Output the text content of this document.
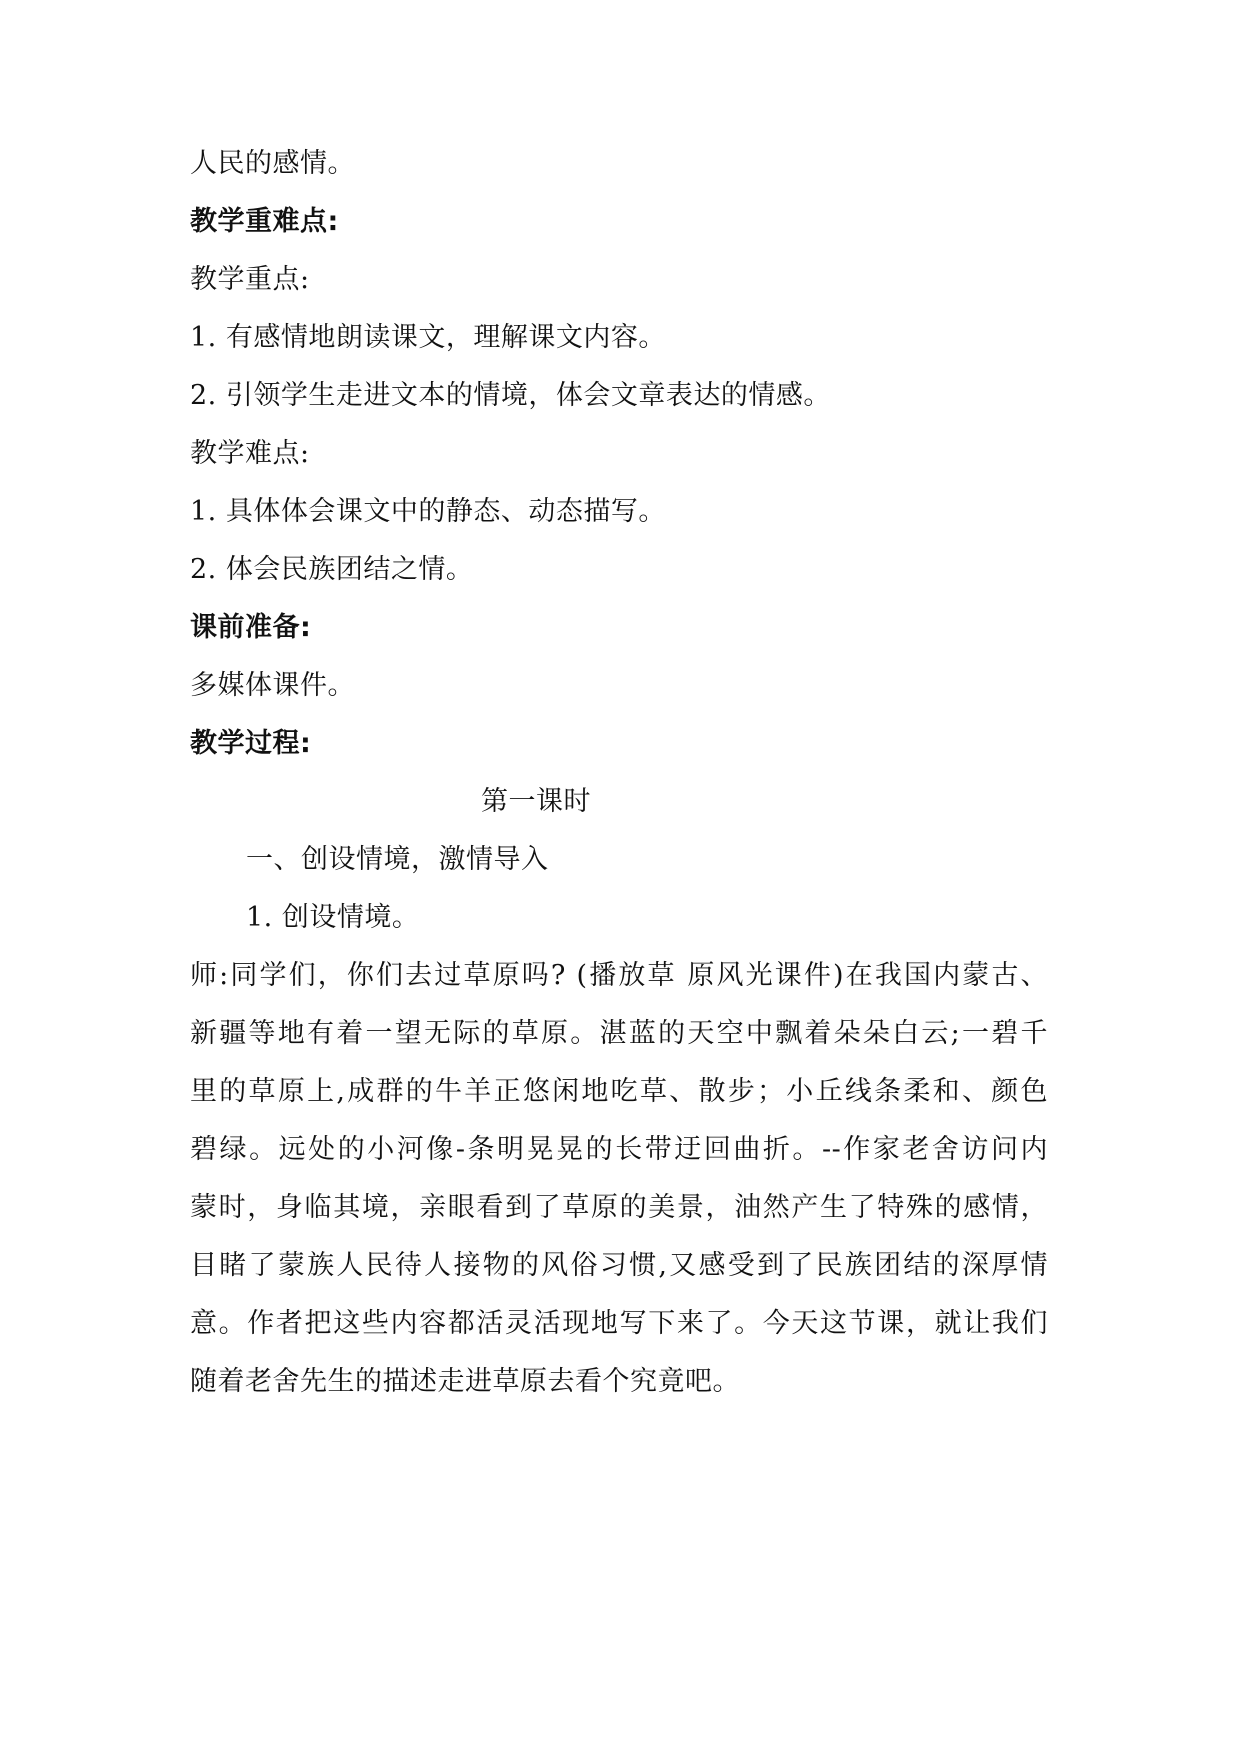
人民的感情。
教学重难点:
教学重点:
1. 有感情地朗读课文，理解课文内容。
2. 引领学生走进文本的情境，体会文章表达的情感。
教学难点:
1. 具体体会课文中的静态、动态描写。
2. 体会民族团结之情。
课前准备:
多媒体课件。
教学过程:
第一课时
一、创设情境，激情导入
1. 创设情境。
师:同学们，你们去过草原吗? (播放草 原风光课件)在我国内蒙古、
新疆等地有着一望无际的草原。湛蓝的天空中飘着朵朵白云;一碧千
里的草原上,成群的牛羊正悠闲地吃草、散步；小丘线条柔和、颜色
碧绿。远处的小河像-条明晃晃的长带迂回曲折。--作家老舍访问内
蒙时，身临其境，亲眼看到了草原的美景，油然产生了特殊的感情，
目睹了蒙族人民待人接物的风俗习惯,又感受到了民族团结的深厚情
意。作者把这些内容都活灵活现地写下来了。今天这节课，就让我们
随着老舍先生的描述走进草原去看个究竟吧。
